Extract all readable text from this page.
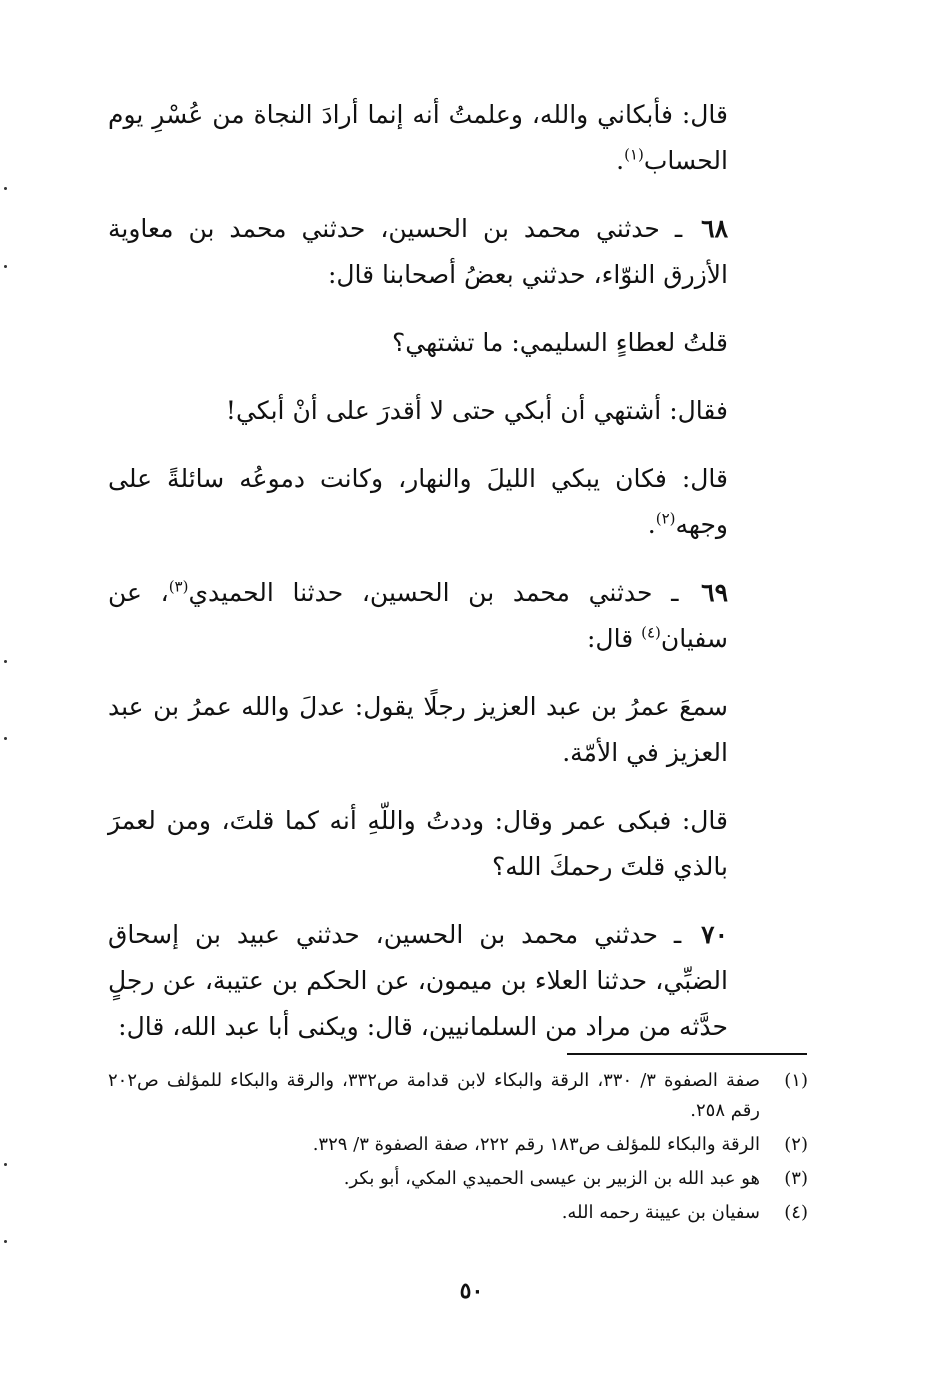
قال: فأبكاني والله، وعلمتُ أنه إنما أرادَ النجاة من عُسْرِ يوم الحساب$^{(١)}$.

٦٨ ـ حدثني محمد بن الحسين، حدثني محمد بن معاوية الأزرق النوّاء، حدثني بعضُ أصحابنا قال:

قلتُ لعطاءٍ السليمي: ما تشتهي؟

فقال: أشتهي أن أبكي حتى لا أقدرَ على أنْ أبكي!

قال: فكان يبكي الليلَ والنهار، وكانت دموعُه سائلةً على وجهه$^{(٢)}$.

٦٩ ـ حدثني محمد بن الحسين، حدثنا الحميدي$^{(٣)}$، عن سفيان$^{(٤)}$ قال:

سمعَ عمرُ بن عبد العزيز رجلًا يقول: عدلَ والله عمرُ بن عبد العزيز في الأمّة.

قال: فبكى عمر وقال: وددتُ واللّهِ أنه كما قلتَ، ومن لعمرَ بالذي قلتَ رحمكَ الله؟

٧٠ ـ حدثني محمد بن الحسين، حدثني عبيد بن إسحاق الضبِّي، حدثنا العلاء بن ميمون، عن الحكم بن عتيبة، عن رجلٍ حدَّثه من مراد من السلمانيين، قال: ويكنى أبا عبد الله، قال:

(١)
صفة الصفوة ٣/ ٣٣٠، الرقة والبكاء لابن قدامة ص٣٣٢، والرقة والبكاء للمؤلف ص٢٠٢ رقم ٢٥٨.
(٢)
الرقة والبكاء للمؤلف ص١٨٣ رقم ٢٢٢، صفة الصفوة ٣/ ٣٢٩.
(٣)
هو عبد الله بن الزبير بن عيسى الحميدي المكي، أبو بكر.
(٤)
سفيان بن عيينة رحمه الله.
٥٠
